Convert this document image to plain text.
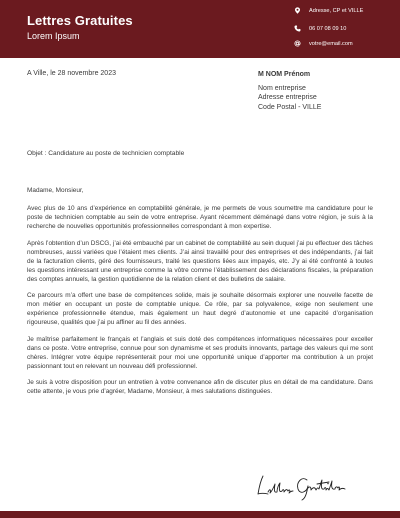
Lettres Gratuites
Lorem Ipsum
Adresse, CP et VILLE
06 07 08 09 10
votre@email.com
A Ville, le 28 novembre 2023	M NOM Prénom
Nom entreprise
Adresse entreprise
Code Postal - VILLE
Objet : Candidature au poste de technicien comptable

Madame, Monsieur,

Avec plus de 10 ans d’expérience en comptabilité générale, je me permets de vous soumettre ma candidature pour le poste de technicien comptable au sein de votre entreprise. Ayant récemment déménagé dans votre région, je suis à la recherche de nouvelles opportunités professionnelles correspondant à mon expertise.

Après l’obtention d’un DSCG, j’ai été embauché par un cabinet de comptabilité au sein duquel j’ai pu effectuer des tâches nombreuses, aussi variées que l’étaient mes clients. J’ai ainsi travaillé pour des entreprises et des indépendants, j’ai fait de la facturation clients, géré des fournisseurs, traité les questions liées aux impayés, etc. J’y ai été confronté à toutes les questions intéressant une entreprise comme la vôtre comme l’établissement des déclarations fiscales, la préparation des comptes annuels, la gestion quotidienne de la relation client et des bulletins de salaire.

Ce parcours m’a offert une base de compétences solide, mais je souhaite désormais explorer une nouvelle facette de mon métier en occupant un poste de comptable unique. Ce rôle, par sa polyvalence, exige non seulement une expérience professionnelle étendue, mais également un haut degré d’autonomie et une capacité d’organisation rigoureuse, qualités que j’ai pu affiner au fil des années.

Je maîtrise parfaitement le français et l’anglais et suis doté des compétences informatiques nécessaires pour exceller dans ce poste. Votre entreprise, connue pour son dynamisme et ses produits innovants, partage des valeurs qui me sont chères. Intégrer votre équipe représenterait pour moi une opportunité unique d’apporter ma contribution à un projet passionnant tout en relevant un nouveau défi professionnel.

Je suis à votre disposition pour un entretien à votre convenance afin de discuter plus en détail de ma candidature. Dans cette attente, je vous prie d’agréer, Madame, Monsieur, à mes salutations distinguées.
